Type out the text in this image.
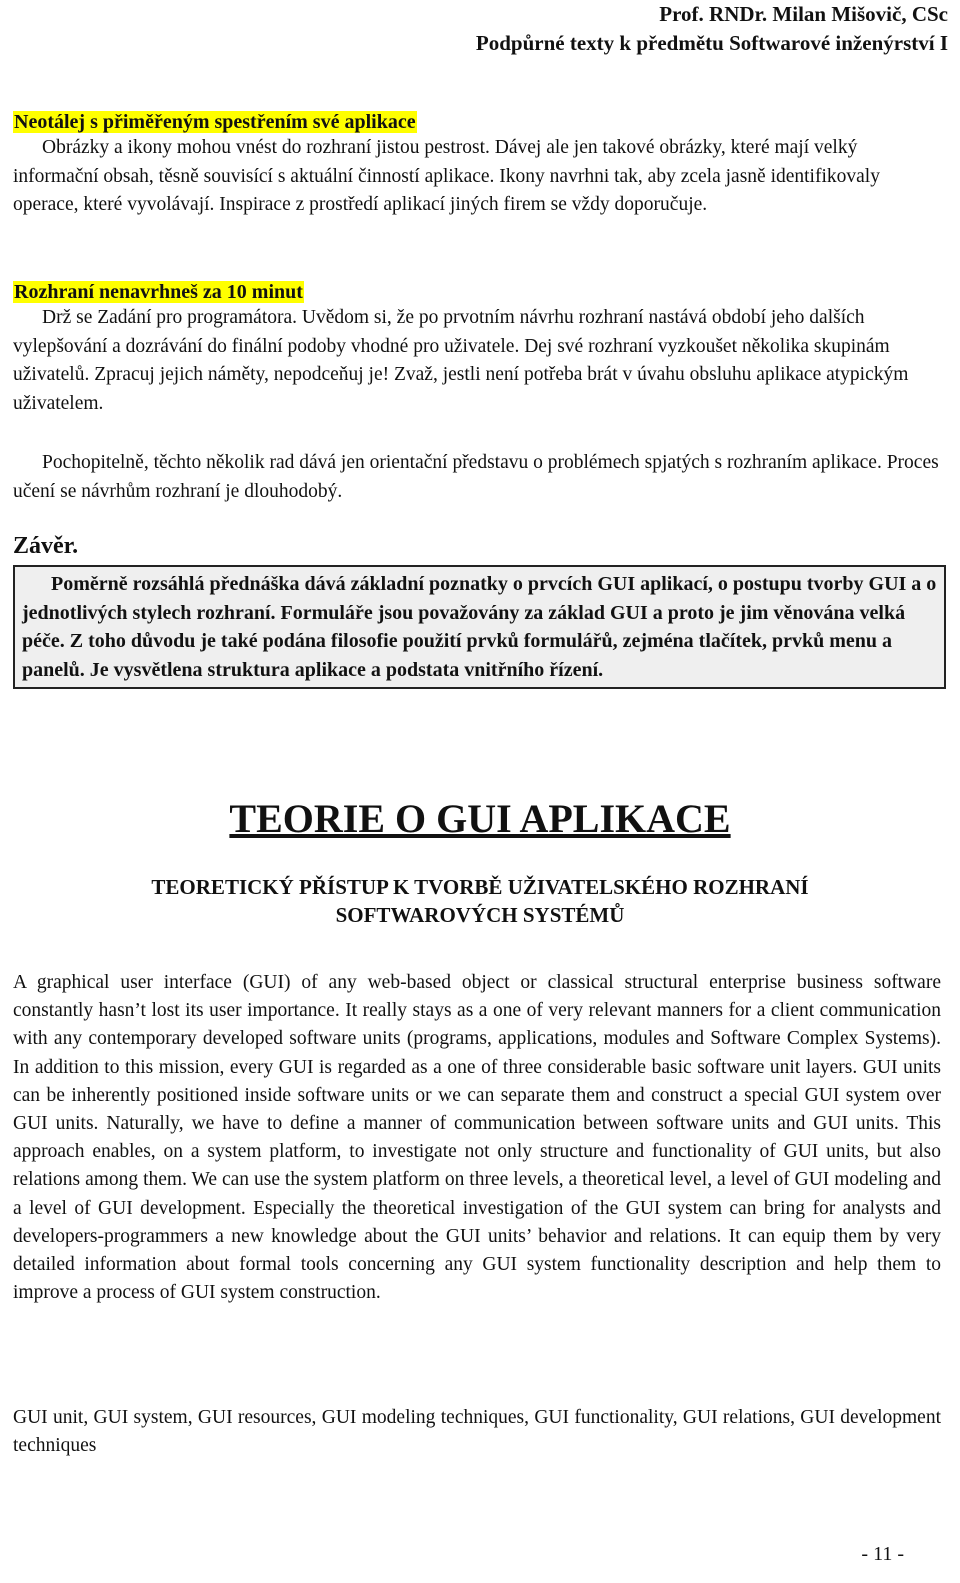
Prof. RNDr. Milan Mišovič, CSc
Podpůrné texty k předmětu Softwarové inženýrství I
Neotálej s přiměřeným spestřením své aplikace

Obrázky a ikony mohou vnést do rozhraní jistou pestrost. Dávej ale jen takové obrázky, které mají velký informační obsah, těsně souvisící s aktuální činností aplikace. Ikony navrhni tak, aby zcela jasně identifikovaly operace, které vyvolávají. Inspirace z prostředí aplikací jiných firem se vždy doporučuje.

Rozhraní nenavrhneš za 10 minut

Drž se Zadání pro programátora. Uvědom si, že po prvotním návrhu rozhraní nastává období jeho dalších vylepšování a dozrávání do finální podoby vhodné pro uživatele. Dej své rozhraní vyzkoušet několika skupinám uživatelů. Zpracuj jejich náměty, nepodceňuj je! Zvaž, jestli není potřeba brát v úvahu obsluhu aplikace atypickým uživatelem.

Pochopitelně, těchto několik rad dává jen orientační představu o problémech spjatých s rozhraním aplikace. Proces učení se návrhům rozhraní je dlouhodobý.

Závěr.

Poměrně rozsáhlá přednáška dává základní poznatky o prvcích GUI aplikací, o postupu tvorby GUI a o jednotlivých stylech rozhraní. Formuláře jsou považovány za základ GUI a proto je jim věnována velká péče. Z toho důvodu je také podána filosofie použití prvků formulářů, zejména tlačítek, prvků menu a panelů. Je vysvětlena struktura aplikace a podstata vnitřního řízení.

TEORIE O GUI APLIKACE
TEORETICKÝ PŘÍSTUP K TVORBĚ UŽIVATELSKÉHO ROZHRANÍ
SOFTWAROVÝCH SYSTÉMŮ

A graphical user interface (GUI) of any web-based object or classical structural enterprise business software constantly hasn’t lost its user importance. It really stays as a one of very relevant manners for a client communication with any contemporary developed software units (programs, applications, modules and Software Complex Systems). In addition to this mission, every GUI is regarded as a one of three considerable basic software unit layers. GUI units can be inherently positioned inside software units or we can separate them and construct a special GUI system over GUI units. Naturally, we have to define a manner of communication between software units and GUI units. This approach enables, on a system platform, to investigate not only structure and functionality of GUI units, but also relations among them. We can use the system platform on three levels, a theoretical level, a level of GUI modeling and a level of GUI development. Especially the theoretical investigation of the GUI system can bring for analysts and developers-programmers a new knowledge about the GUI units’ behavior and relations. It can equip them by very detailed information about formal tools concerning any GUI system functionality description and help them to improve a process of GUI system construction.

GUI unit, GUI system, GUI resources, GUI modeling techniques, GUI functionality, GUI relations, GUI development techniques

- 11 -
